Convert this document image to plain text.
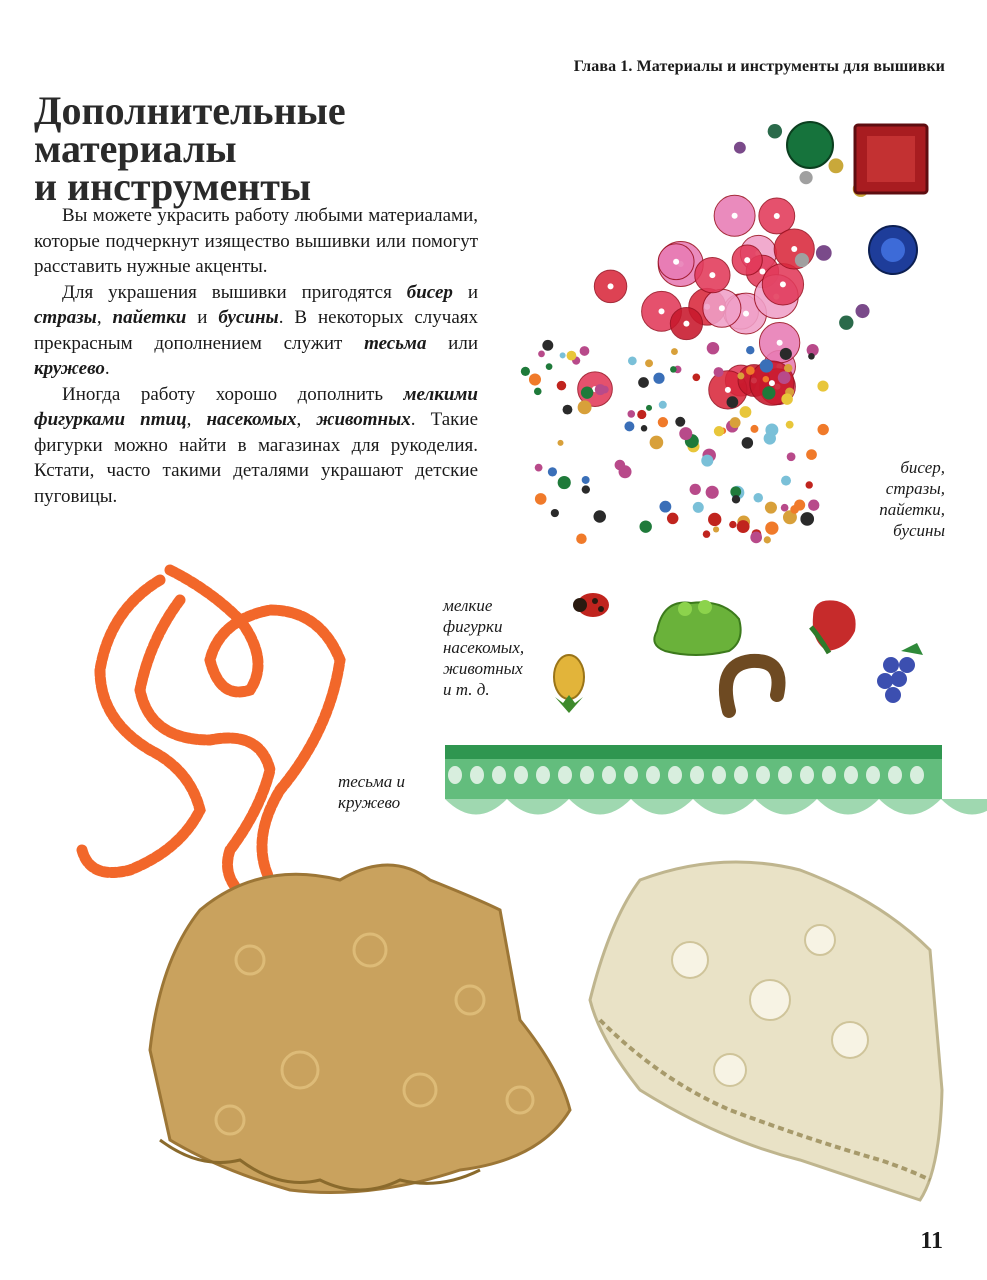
Глава 1. Материалы и инструменты для вышивки
Дополнительные
материалы
и инструменты

Вы можете украсить работу любыми материалами, которые подчеркнут изящество вышивки или помогут расставить нужные акценты.

Для украшения вышивки пригодятся бисер и стразы, пайетки и бусины. В некоторых случаях прекрасным дополнением служит тесьма или кружево.

Иногда работу хорошо дополнить мелкими фигурками птиц, насекомых, животных. Такие фигурки можно найти в магазинах для рукоделия. Кстати, часто такими деталями украшают детские пуговицы.

бисер,
стразы,
пайетки,
бусины
мелкие
фигурки
насекомых,
животных
и т. д.
тесьма и
кружево
11
